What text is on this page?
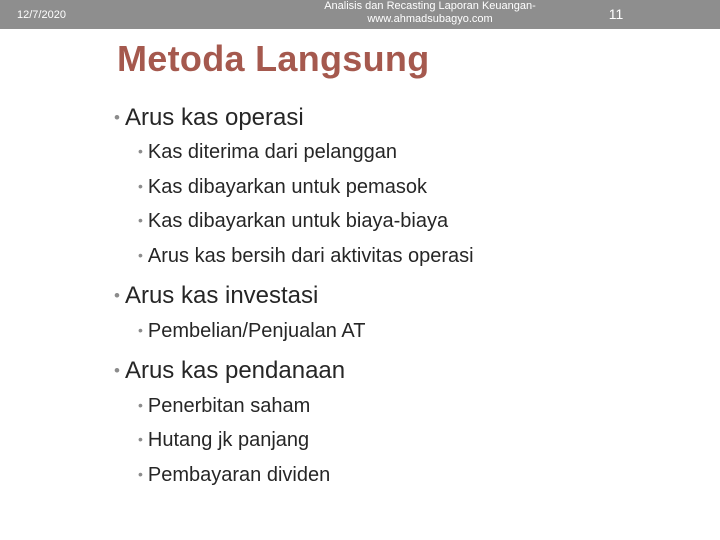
12/7/2020
Analisis dan Recasting Laporan Keuangan-
www.ahmadsubagyo.com	11
Metoda Langsung
• Arus kas operasi
• Kas diterima dari pelanggan
• Kas dibayarkan untuk pemasok
• Kas dibayarkan untuk biaya-biaya
• Arus kas bersih dari aktivitas operasi
• Arus kas investasi
• Pembelian/Penjualan AT
• Arus kas pendanaan
• Penerbitan saham
• Hutang jk panjang
• Pembayaran dividen
